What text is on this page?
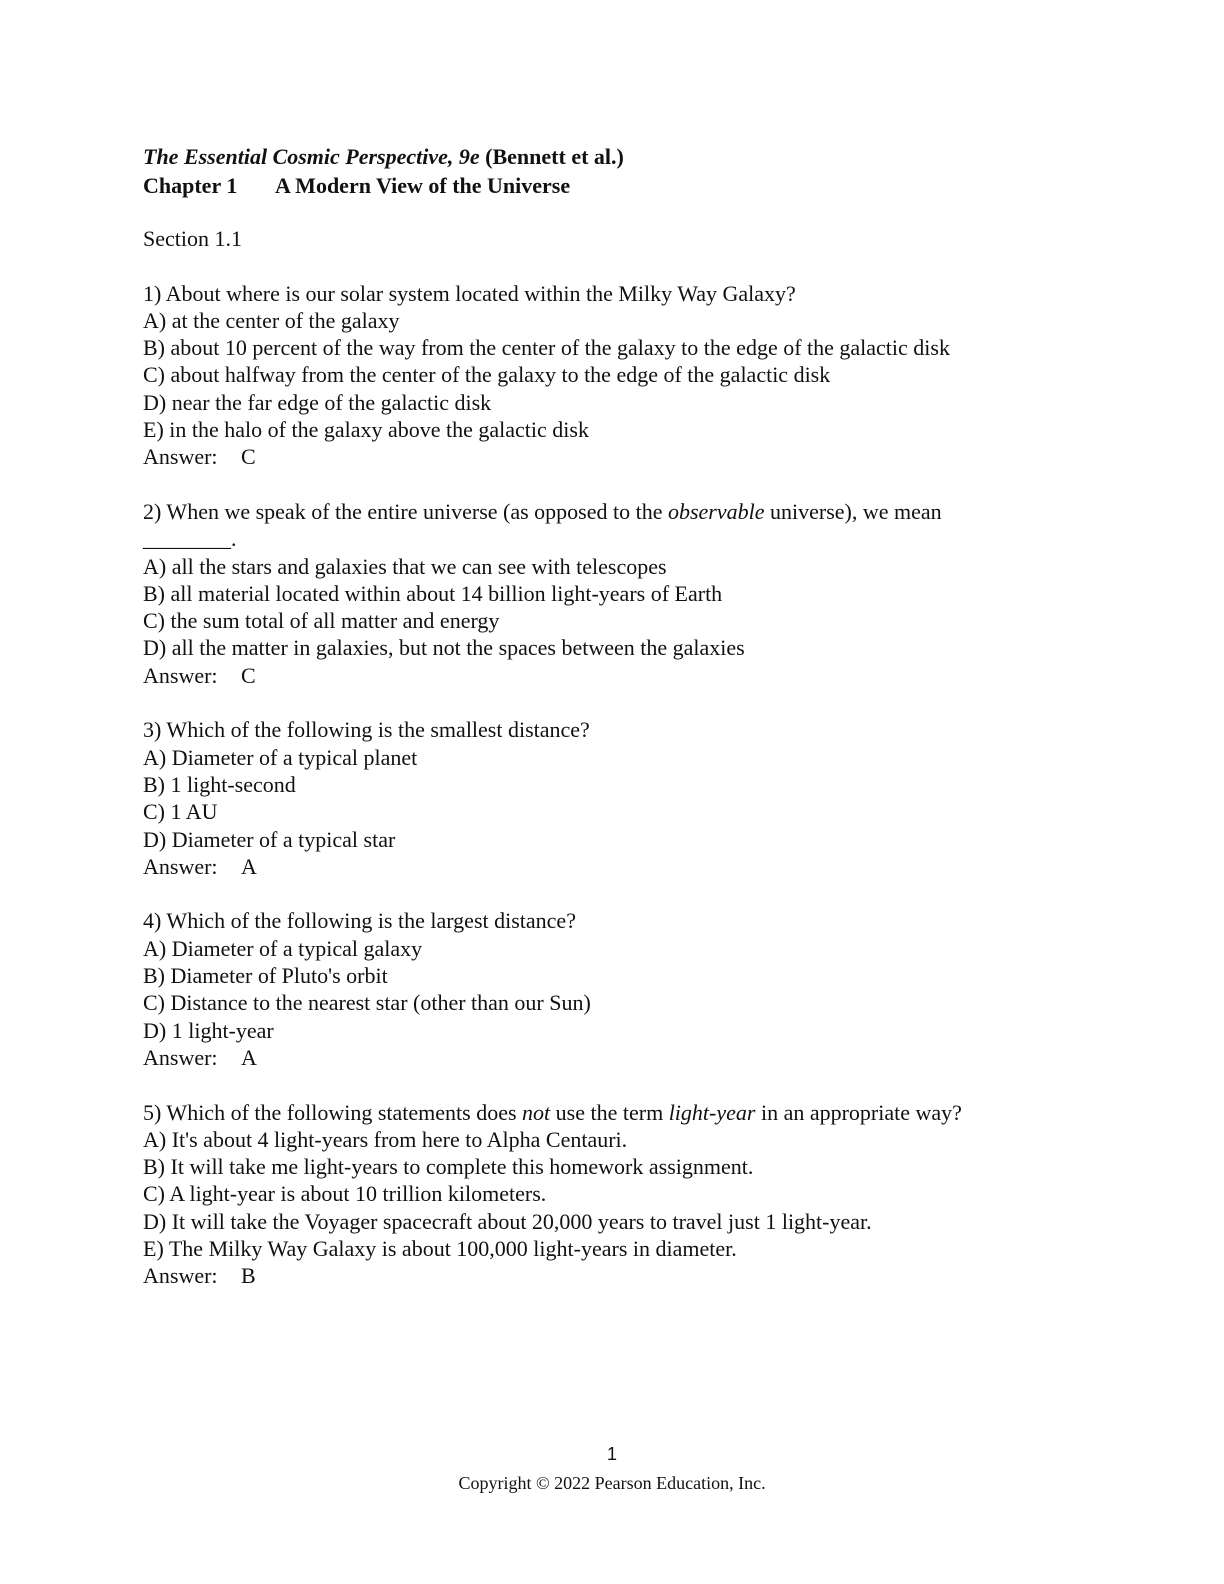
The Essential Cosmic Perspective, 9e (Bennett et al.)
Chapter 1 A Modern View of the Universe
Section 1.1
1) About where is our solar system located within the Milky Way Galaxy?
A) at the center of the galaxy
B) about 10 percent of the way from the center of the galaxy to the edge of the galactic disk
C) about halfway from the center of the galaxy to the edge of the galactic disk
D) near the far edge of the galactic disk
E) in the halo of the galaxy above the galactic disk
Answer: C
2) When we speak of the entire universe (as opposed to the observable universe), we mean
________.
A) all the stars and galaxies that we can see with telescopes
B) all material located within about 14 billion light-years of Earth
C) the sum total of all matter and energy
D) all the matter in galaxies, but not the spaces between the galaxies
Answer: C
3) Which of the following is the smallest distance?
A) Diameter of a typical planet
B) 1 light-second
C) 1 AU
D) Diameter of a typical star
Answer: A
4) Which of the following is the largest distance?
A) Diameter of a typical galaxy
B) Diameter of Pluto's orbit
C) Distance to the nearest star (other than our Sun)
D) 1 light-year
Answer: A
5) Which of the following statements does not use the term light-year in an appropriate way?
A) It's about 4 light-years from here to Alpha Centauri.
B) It will take me light-years to complete this homework assignment.
C) A light-year is about 10 trillion kilometers.
D) It will take the Voyager spacecraft about 20,000 years to travel just 1 light-year.
E) The Milky Way Galaxy is about 100,000 light-years in diameter.
Answer: B
1
Copyright © 2022 Pearson Education, Inc.
